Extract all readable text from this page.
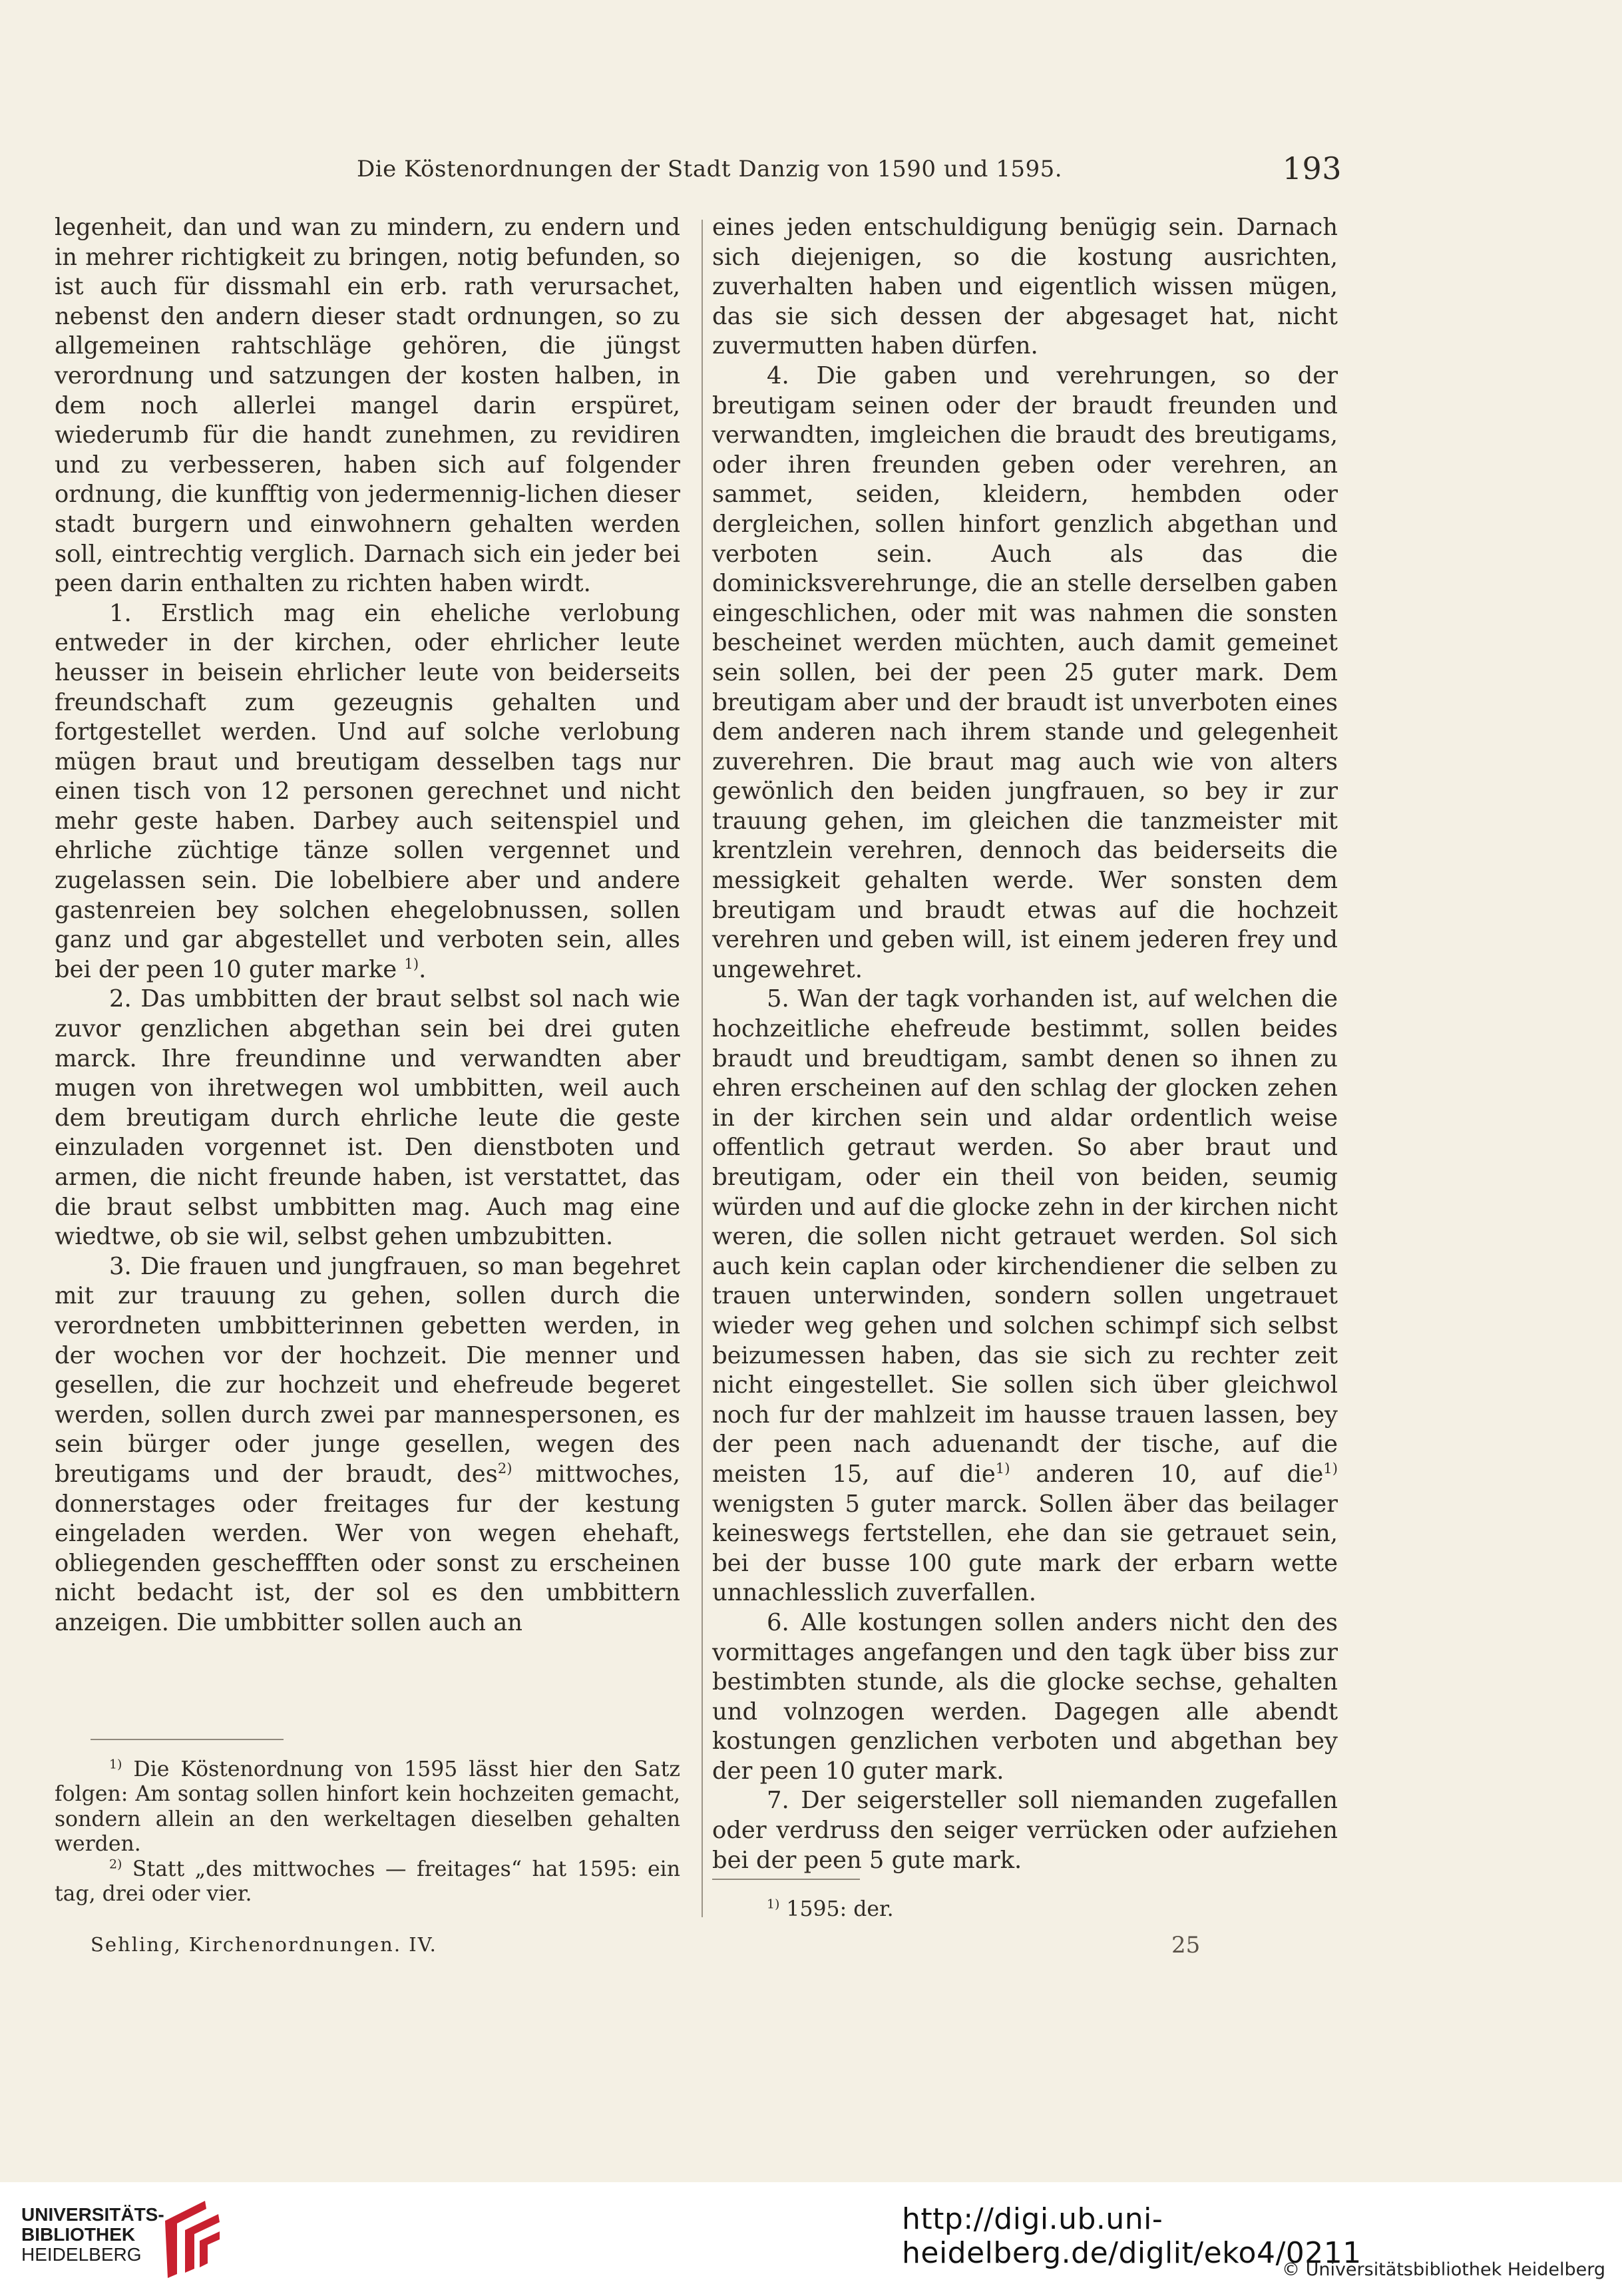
Die Köstenordnungen der Stadt Danzig von 1590 und 1595.	193

legenheit, dan und wan zu mindern, zu endern und in mehrer richtigkeit zu bringen, notig befunden, so ist auch für dissmahl ein erb. rath verursachet, nebenst den andern dieser stadt ordnungen, so zu allgemeinen rahtschläge gehören, die jüngst verordnung und satzungen der kosten halben, in dem noch allerlei mangel darin erspüret, wiederumb für die handt zunehmen, zu revidiren und zu verbesseren, haben sich auf folgender ordnung, die kunfftig von jedermennig-lichen dieser stadt burgern und einwohnern gehalten werden soll, eintrechtig verglich. Darnach sich ein jeder bei peen darin enthalten zu richten haben wirdt.

1. Erstlich mag ein eheliche verlobung entweder in der kirchen, oder ehrlicher leute heusser in beisein ehrlicher leute von beiderseits freundschaft zum gezeugnis gehalten und fortgestellet werden. Und auf solche verlobung mügen braut und breutigam desselben tags nur einen tisch von 12 personen gerechnet und nicht mehr geste haben. Darbey auch seitenspiel und ehrliche züchtige tänze sollen vergennet und zugelassen sein. Die lobelbiere aber und andere gastenreien bey solchen ehegelobnussen, sollen ganz und gar abgestellet und verboten sein, alles bei der peen 10 guter marke $^{1)}$.

2. Das umbbitten der braut selbst sol nach wie zuvor genzlichen abgethan sein bei drei guten marck. Ihre freundinne und verwandten aber mugen von ihretwegen wol umbbitten, weil auch dem breutigam durch ehrliche leute die geste einzuladen vorgennet ist. Den dienstboten und armen, die nicht freunde haben, ist verstattet, das die braut selbst umbbitten mag. Auch mag eine wiedtwe, ob sie wil, selbst gehen umbzubitten.

3. Die frauen und jungfrauen, so man begehret mit zur trauung zu gehen, sollen durch die verordneten umbbitterinnen gebetten werden, in der wochen vor der hochzeit. Die menner und gesellen, die zur hochzeit und ehefreude begeret werden, sollen durch zwei par mannespersonen, es sein bürger oder junge gesellen, wegen des breutigams und der braudt, des$^{2)}$ mittwoches, donnerstages oder freitages fur der kestung eingeladen werden. Wer von wegen ehehaft, obliegenden gescheffften oder sonst zu erscheinen nicht bedacht ist, der sol es den umbbittern anzeigen. Die umbbitter sollen auch an

eines jeden entschuldigung benügig sein. Darnach sich diejenigen, so die kostung ausrichten, zuverhalten haben und eigentlich wissen mügen, das sie sich dessen der abgesaget hat, nicht zuvermutten haben dürfen.

4. Die gaben und verehrungen, so der breutigam seinen oder der braudt freunden und verwandten, imgleichen die braudt des breutigams, oder ihren freunden geben oder verehren, an sammet, seiden, kleidern, hembden oder dergleichen, sollen hinfort genzlich abgethan und verboten sein. Auch als das die dominicksverehrunge, die an stelle derselben gaben eingeschlichen, oder mit was nahmen die sonsten bescheinet werden müchten, auch damit gemeinet sein sollen, bei der peen 25 guter mark. Dem breutigam aber und der braudt ist unverboten eines dem anderen nach ihrem stande und gelegenheit zuverehren. Die braut mag auch wie von alters gewönlich den beiden jungfrauen, so bey ir zur trauung gehen, im gleichen die tanzmeister mit krentzlein verehren, dennoch das beiderseits die messigkeit gehalten werde. Wer sonsten dem breutigam und braudt etwas auf die hochzeit verehren und geben will, ist einem jederen frey und ungewehret.

5. Wan der tagk vorhanden ist, auf welchen die hochzeitliche ehefreude bestimmt, sollen beides braudt und breudtigam, sambt denen so ihnen zu ehren erscheinen auf den schlag der glocken zehen in der kirchen sein und aldar ordentlich weise offentlich getraut werden. So aber braut und breutigam, oder ein theil von beiden, seumig würden und auf die glocke zehn in der kirchen nicht weren, die sollen nicht getrauet werden. Sol sich auch kein caplan oder kirchendiener die selben zu trauen unterwinden, sondern sollen ungetrauet wieder weg gehen und solchen schimpf sich selbst beizumessen haben, das sie sich zu rechter zeit nicht eingestellet. Sie sollen sich über gleichwol noch fur der mahlzeit im hausse trauen lassen, bey der peen nach aduenandt der tische, auf die meisten 15, auf die$^{1)}$ anderen 10, auf die$^{1)}$ wenigsten 5 guter marck. Sollen äber das beilager keineswegs fertstellen, ehe dan sie getrauet sein, bei der busse 100 gute mark der erbarn wette unnachlesslich zuverfallen.

6. Alle kostungen sollen anders nicht den des vormittages angefangen und den tagk über biss zur bestimbten stunde, als die glocke sechse, gehalten und volnzogen werden. Dagegen alle abendt kostungen genzlichen verboten und abgethan bey der peen 10 guter mark.

7. Der seigersteller soll niemanden zugefallen oder verdruss den seiger verrücken oder aufziehen bei der peen 5 gute mark.

$^{1)}$ Die Köstenordnung von 1595 lässt hier den Satz folgen: Am sontag sollen hinfort kein hochzeiten gemacht, sondern allein an den werkeltagen dieselben gehalten werden.

$^{2)}$ Statt „des mittwoches — freitages“ hat 1595: ein tag, drei oder vier.

Sehling, Kirchenordnungen. IV.	25

$^{1)}$ 1595: der.

UNIVERSITÄTS-
BIBLIOTHEK
HEIDELBERG
http://digi.ub.uni-heidelberg.de/diglit/eko4/0211
© Universitätsbibliothek Heidelberg
